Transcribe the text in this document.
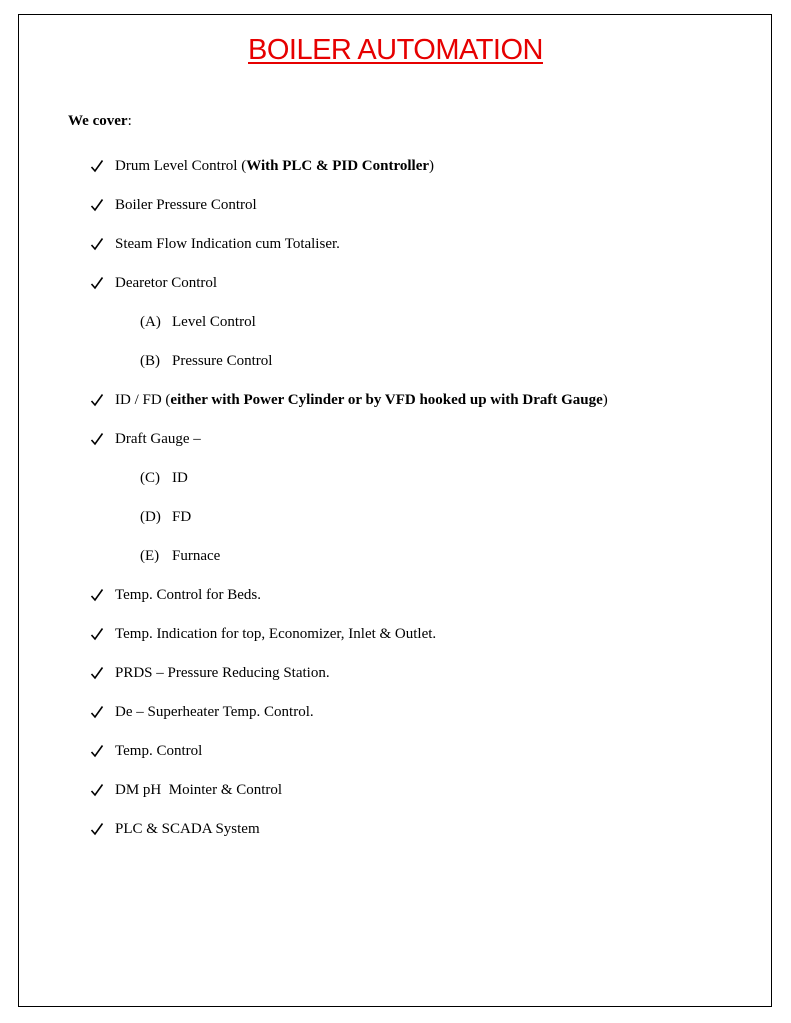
BOILER AUTOMATION
We cover:
Drum Level Control (With PLC & PID Controller)
Boiler Pressure Control
Steam Flow Indication cum Totaliser.
Dearetor Control
(A) Level Control
(B) Pressure Control
ID / FD (either with Power Cylinder or by VFD hooked up with Draft Gauge)
Draft Gauge –
(C) ID
(D) FD
(E) Furnace
Temp. Control for Beds.
Temp. Indication for top, Economizer, Inlet & Outlet.
PRDS – Pressure Reducing Station.
De – Superheater Temp. Control.
Temp. Control
DM pH  Mointer & Control
PLC & SCADA System
